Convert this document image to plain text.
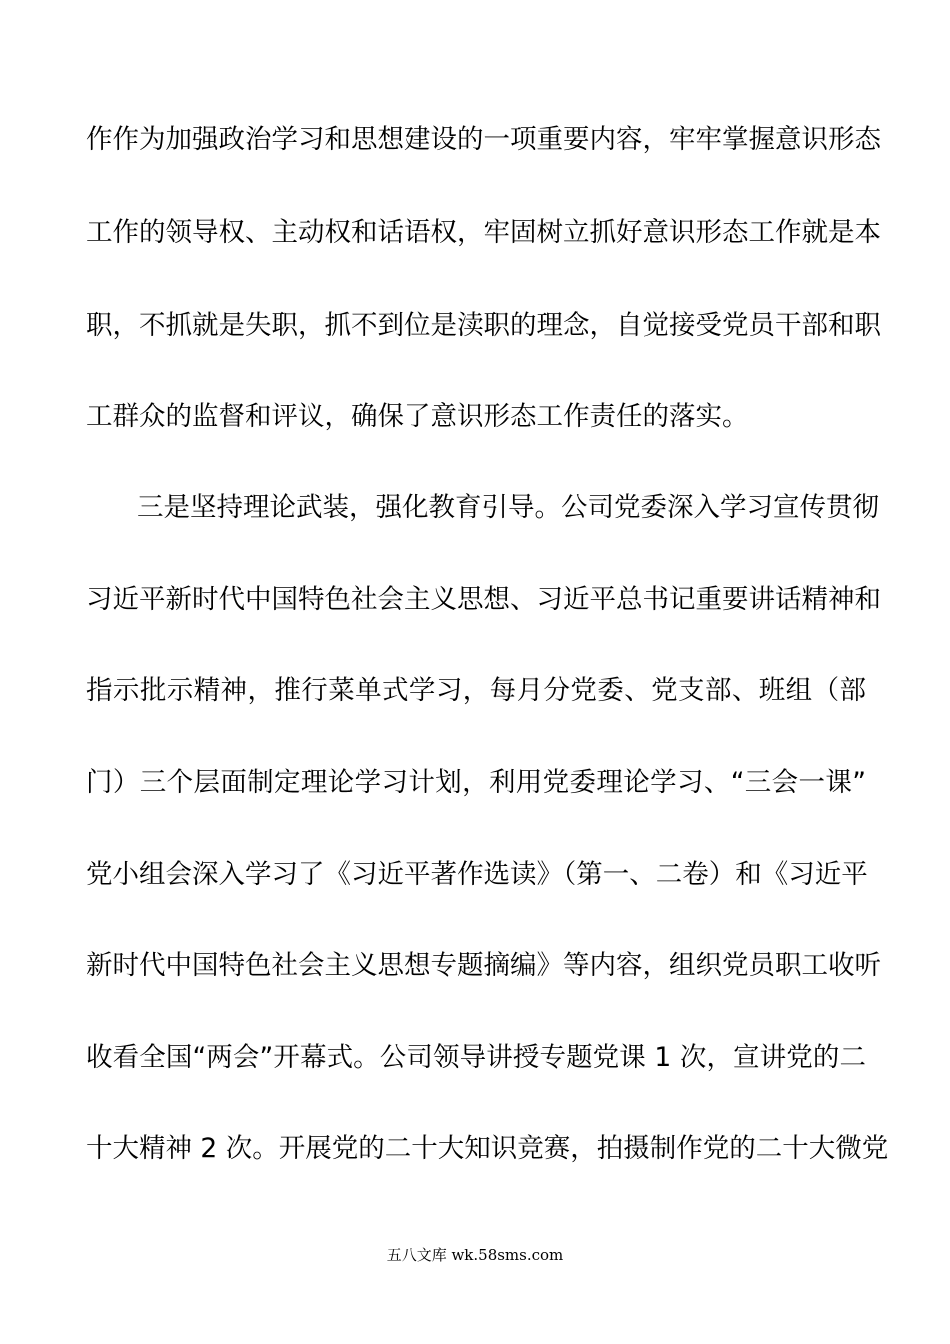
作作为加强政治学习和思想建设的一项重要内容，牢牢掌握意识形态
工作的领导权、主动权和话语权，牢固树立抓好意识形态工作就是本
职，不抓就是失职，抓不到位是渎职的理念，自觉接受党员干部和职
工群众的监督和评议，确保了意识形态工作责任的落实。
三是坚持理论武装，强化教育引导。公司党委深入学习宣传贯彻
习近平新时代中国特色社会主义思想、习近平总书记重要讲话精神和
指示批示精神，推行菜单式学习，每月分党委、党支部、班组（部
门）三个层面制定理论学习计划，利用党委理论学习、“三会一课”
党小组会深入学习了《习近平著作选读》（第一、二卷）和《习近平
新时代中国特色社会主义思想专题摘编》等内容，组织党员职工收听
收看全国“两会”开幕式。公司领导讲授专题党课 1 次，宣讲党的二
十大精神 2 次。开展党的二十大知识竞赛，拍摄制作党的二十大微党
五八文库 wk.58sms.com
